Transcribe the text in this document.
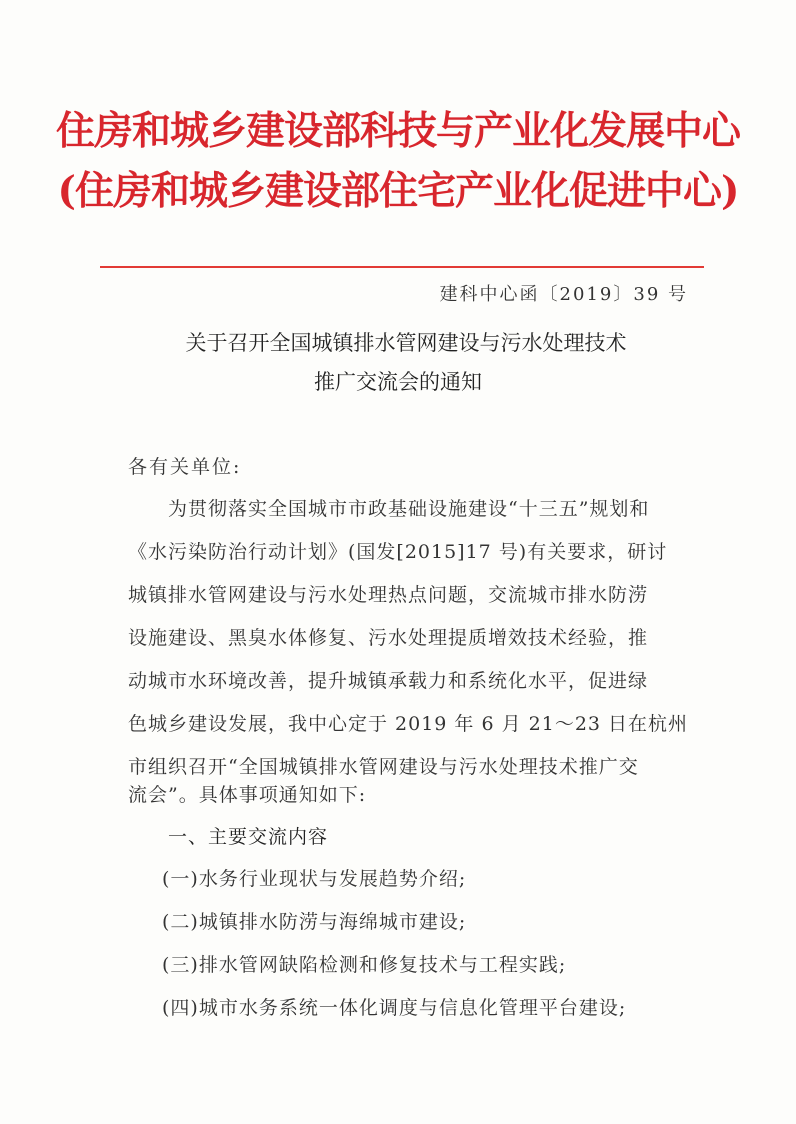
住房和城乡建设部科技与产业化发展中心
(住房和城乡建设部住宅产业化促进中心)
建科中心函〔2019〕39 号
关于召开全国城镇排水管网建设与污水处理技术
推广交流会的通知
各有关单位:
为贯彻落实全国城市市政基础设施建设“十三五”规划和
《水污染防治行动计划》(国发[2015]17 号)有关要求，研讨
城镇排水管网建设与污水处理热点问题，交流城市排水防涝
设施建设、黑臭水体修复、污水处理提质增效技术经验，推
动城市水环境改善，提升城镇承载力和系统化水平，促进绿
色城乡建设发展，我中心定于 2019 年 6 月 21～23 日在杭州
市组织召开“全国城镇排水管网建设与污水处理技术推广交
流会”。具体事项通知如下:
一、主要交流内容
(一)水务行业现状与发展趋势介绍;
(二)城镇排水防涝与海绵城市建设;
(三)排水管网缺陷检测和修复技术与工程实践;
(四)城市水务系统一体化调度与信息化管理平台建设;
